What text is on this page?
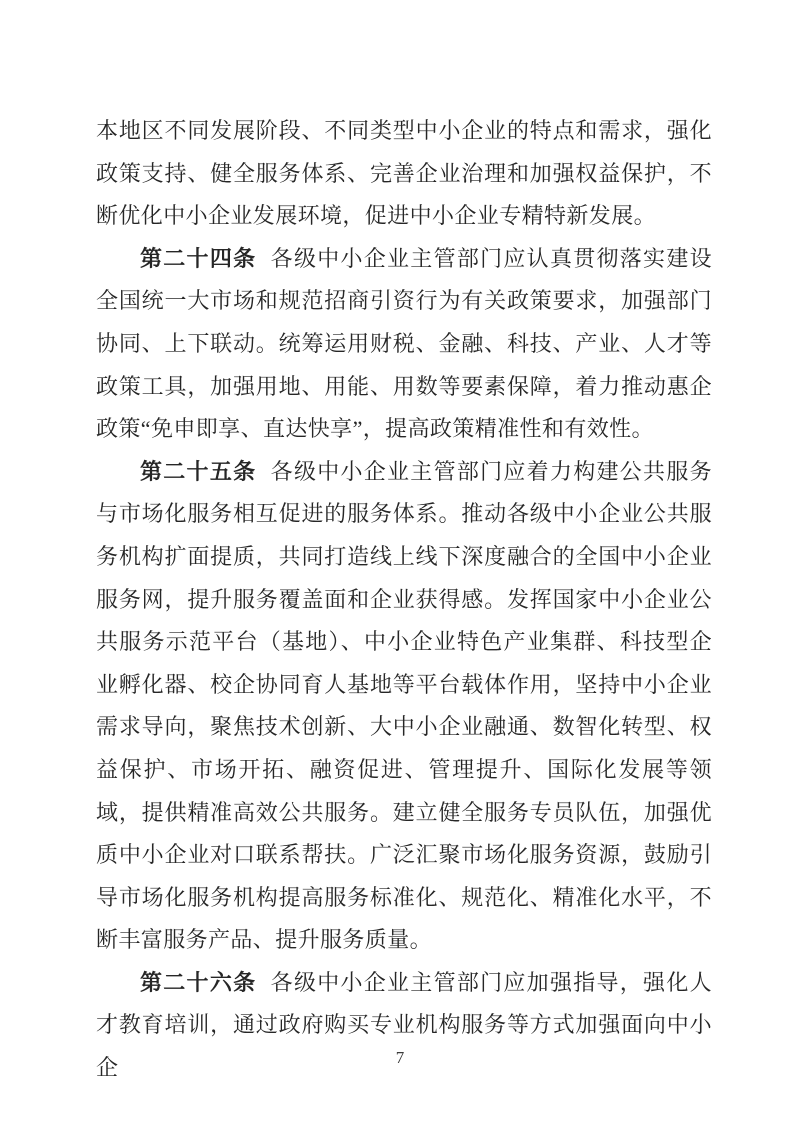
本地区不同发展阶段、不同类型中小企业的特点和需求，强化政策支持、健全服务体系、完善企业治理和加强权益保护，不断优化中小企业发展环境，促进中小企业专精特新发展。

第二十四条 各级中小企业主管部门应认真贯彻落实建设全国统一大市场和规范招商引资行为有关政策要求，加强部门协同、上下联动。统筹运用财税、金融、科技、产业、人才等政策工具，加强用地、用能、用数等要素保障，着力推动惠企政策“免申即享、直达快享”，提高政策精准性和有效性。

第二十五条 各级中小企业主管部门应着力构建公共服务与市场化服务相互促进的服务体系。推动各级中小企业公共服务机构扩面提质，共同打造线上线下深度融合的全国中小企业服务网，提升服务覆盖面和企业获得感。发挥国家中小企业公共服务示范平台（基地）、中小企业特色产业集群、科技型企业孵化器、校企协同育人基地等平台载体作用，坚持中小企业需求导向，聚焦技术创新、大中小企业融通、数智化转型、权益保护、市场开拓、融资促进、管理提升、国际化发展等领域，提供精准高效公共服务。建立健全服务专员队伍，加强优质中小企业对口联系帮扶。广泛汇聚市场化服务资源，鼓励引导市场化服务机构提高服务标准化、规范化、精准化水平，不断丰富服务产品、提升服务质量。

第二十六条 各级中小企业主管部门应加强指导，强化人才教育培训，通过政府购买专业机构服务等方式加强面向中小企	7
